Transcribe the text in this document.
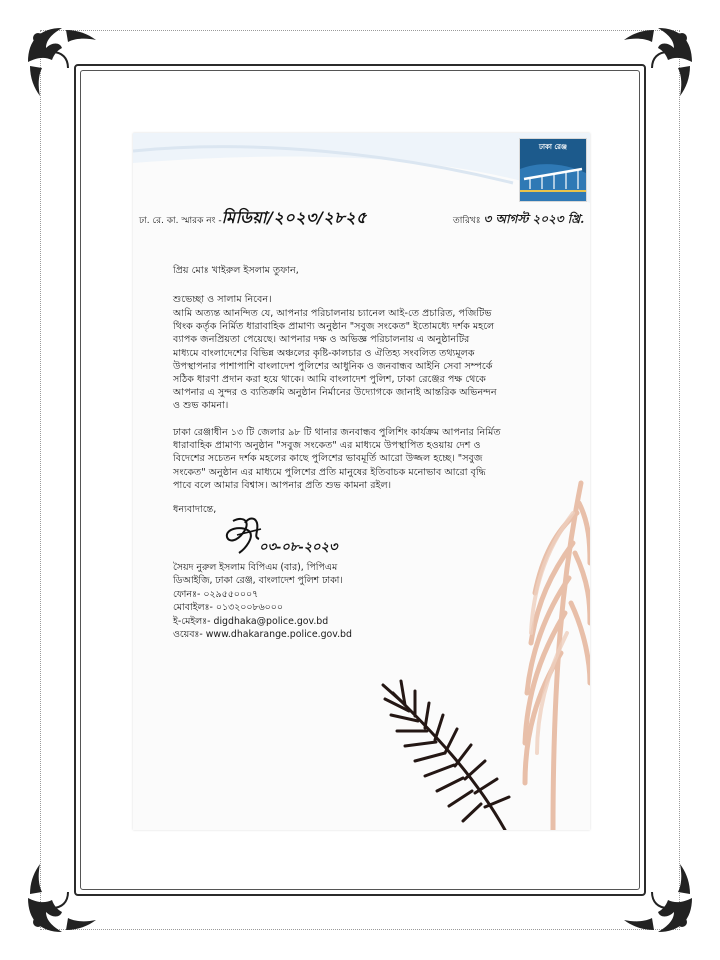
ঢাকা রেঞ্জ
ঢা. রে. কা. স্মারক নং -মিডিয়া/২০২৩/২৮২৫	তারিখঃ ৩ আগস্ট ২০২৩ খ্রি.
প্রিয় মোঃ খাইরুল ইসলাম তুফান,
শুভেচ্ছা ও সালাম নিবেন।
আমি অত্যন্ত আনন্দিত যে, আপনার পরিচালনায় চ্যানেল আই-তে প্রচারিত, পজিটিভ
থিংক কর্তৃক নির্মিত ধারাবাহিক প্রামাণ্য অনুষ্ঠান "সবুজ সংকেত" ইতোমধ্যে দর্শক মহলে
ব্যাপক জনপ্রিয়তা পেয়েছে। আপনার দক্ষ ও অভিজ্ঞ পরিচালনায় এ অনুষ্ঠানটির
মাধ্যমে বাংলাদেশের বিভিন্ন অঞ্চলের কৃষ্টি-কালচার ও ঐতিহ্য সংবলিত তথ্যমূলক
উপস্থাপনার পাশাপাশি বাংলাদেশ পুলিশের আধুনিক ও জনবান্ধব আইনি সেবা সম্পর্কে
সঠিক ধারণা প্রদান করা হয়ে থাকে। আমি বাংলাদেশ পুলিশ, ঢাকা রেঞ্জের পক্ষ থেকে
আপনার এ সুন্দর ও ব্যতিক্রমি অনুষ্ঠান নির্মানের উদ্যোগকে জানাই আন্তরিক অভিনন্দন
ও শুভ কামনা।
ঢাকা রেঞ্জাধীন ১৩ টি জেলার ৯৮ টি থানার জনবান্ধব পুলিশিং কার্যক্রম আপনার নির্মিত
ধারাবাহিক প্রামাণ্য অনুষ্ঠান "সবুজ সংকেত" এর মাধ্যমে উপস্থাপিত হওয়ায় দেশ ও
বিদেশের সচেতন দর্শক মহলের কাছে পুলিশের ভাবমূর্তি আরো উজ্জল হচ্ছে। "সবুজ
সংকেত" অনুষ্ঠান এর মাধ্যমে পুলিশের প্রতি মানুষের ইতিবাচক মনোভাব আরো বৃদ্ধি
পাবে বলে আমার বিশ্বাস। আপনার প্রতি শুভ কামনা রইল।
ধন্যবাদান্তে,
০৩-০৮-২০২৩
সৈয়দ নুরুল ইসলাম বিপিএম (বার), পিপিএম
ডিআইজি, ঢাকা রেঞ্জ, বাংলাদেশ পুলিশ ঢাকা।
ফোনঃ- ০২৯৫৫০০০৭
মোবাইলঃ- ০১৩২০০৮৬০০০
ই-মেইলঃ- digdhaka@police.gov.bd
ওয়েবঃ- www.dhakarange.police.gov.bd
